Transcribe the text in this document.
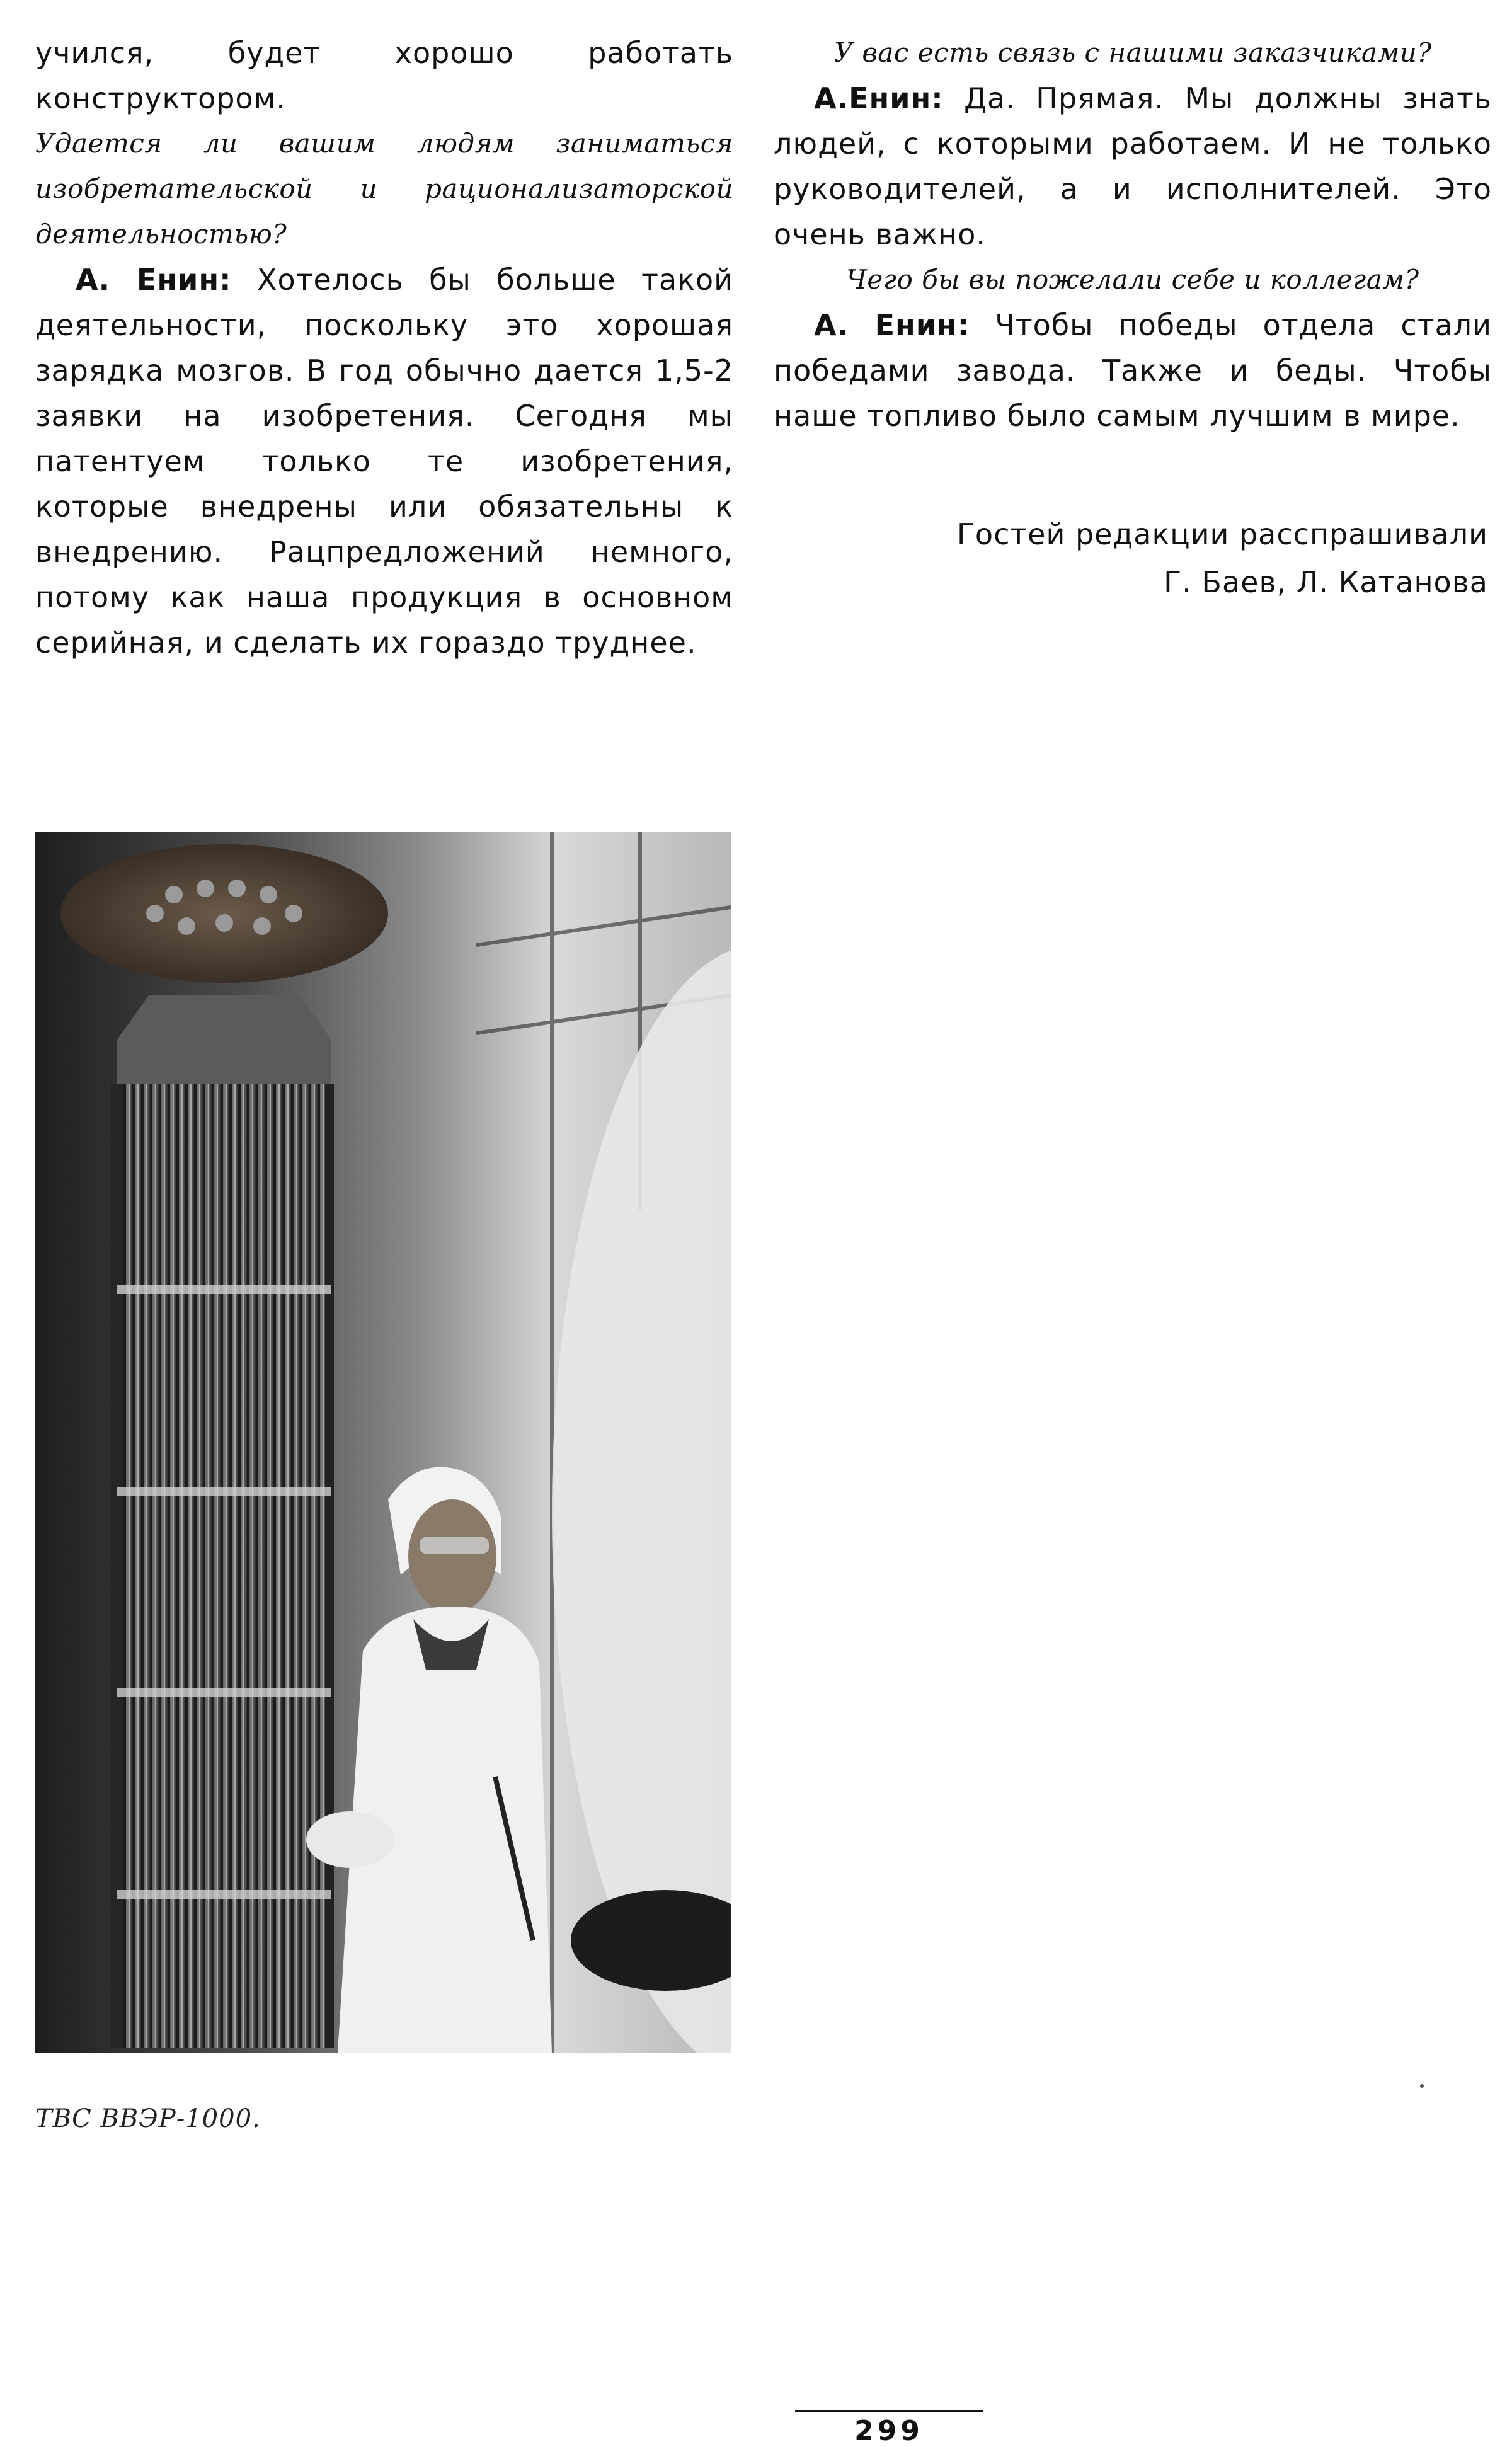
учился, будет хорошо работать конструктором.

Удается ли вашим людям заниматься изобретательской и рационализаторской деятельностью?

А. Енин: Хотелось бы больше такой деятельности, поскольку это хорошая зарядка мозгов. В год обычно дается 1,5-2 заявки на изобретения. Сегодня мы патентуем только те изобретения, которые внедрены или обязательны к внедрению. Рацпредложений немного, потому как наша продукция в основном серийная, и сделать их гораздо труднее.

У вас есть связь с нашими заказчиками?

А.Енин: Да. Прямая. Мы должны знать людей, с которыми работаем. И не только руководителей, а и исполнителей. Это очень важно.

Чего бы вы пожелали себе и коллегам?

А. Енин: Чтобы победы отдела стали победами завода. Также и беды. Чтобы наше топливо было самым лучшим в мире.

Гостей редакции расспрашивали
Г. Баев, Л. Катанова
ТВС ВВЭР-1000.
299
